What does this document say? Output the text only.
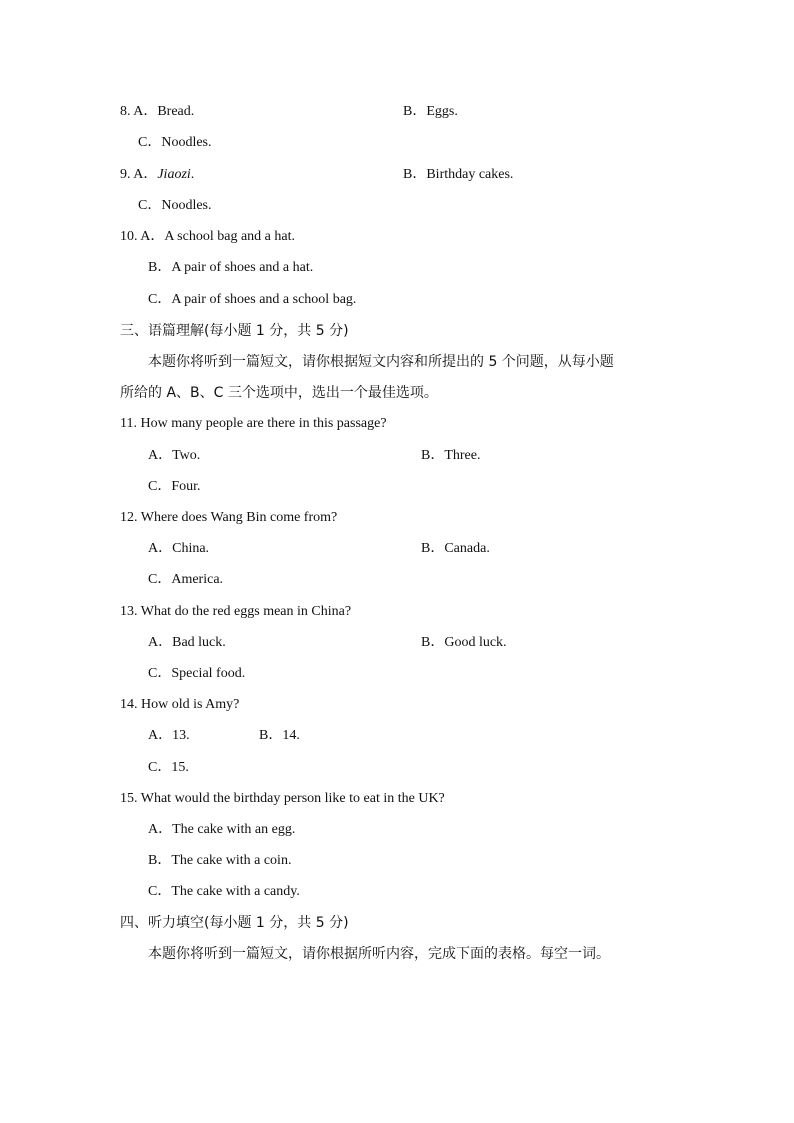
8. A．Bread.	B．Eggs.
C．Noodles.
9. A．Jiaozi.	B．Birthday cakes.
C．Noodles.
10. A．A school bag and a hat.
B．A pair of shoes and a hat.
C．A pair of shoes and a school bag.
三、语篇理解(每小题 1 分，共 5 分)
本题你将听到一篇短文，请你根据短文内容和所提出的 5 个问题，从每小题
所给的 A、B、C 三个选项中，选出一个最佳选项。
11. How many people are there in this passage?
A．Two.	B．Three.
C．Four.
12. Where does Wang Bin come from?
A．China.	B．Canada.
C．America.
13. What do the red eggs mean in China?
A．Bad luck.	B．Good luck.
C．Special food.
14. How old is Amy?
A．13.	B．14.
C．15.
15. What would the birthday person like to eat in the UK?
A．The cake with an egg.
B．The cake with a coin.
C．The cake with a candy.
四、听力填空(每小题 1 分，共 5 分)
本题你将听到一篇短文，请你根据所听内容，完成下面的表格。每空一词。
